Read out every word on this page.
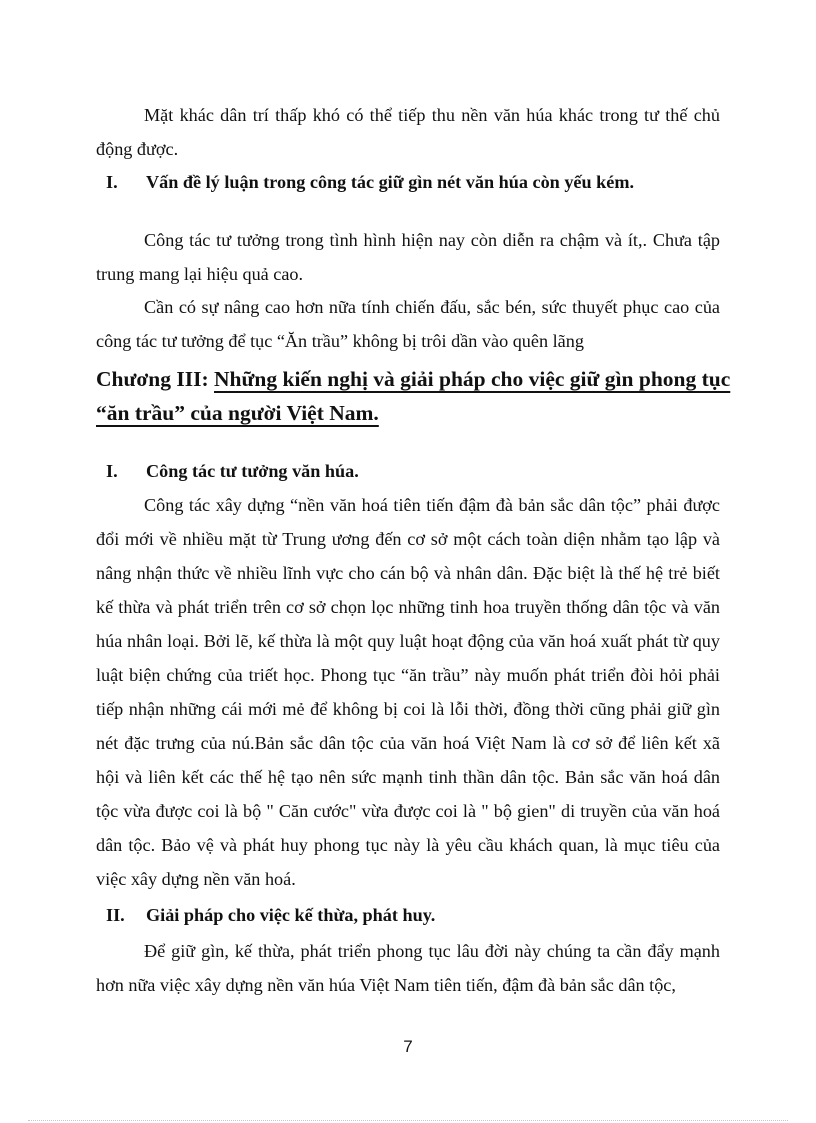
Mặt khác dân trí thấp khó có thể tiếp thu nền văn húa khác trong tư thế chủ động được.

I. Vấn đề lý luận trong công tác giữ gìn nét văn húa còn yếu kém.

Công tác tư tưởng trong tình hình hiện nay còn diễn ra chậm và ít,. Chưa tập trung mang lại hiệu quả cao.

Cần có sự nâng cao hơn nữa tính chiến đấu, sắc bén, sức thuyết phục cao của công tác tư tưởng để tục “Ăn trầu” không bị trôi dần vào quên lãng

Chương III: Những kiến nghị và giải pháp cho việc giữ gìn phong tục “ăn trầu” của người Việt Nam.

I. Công tác tư tưởng văn húa.

Công tác xây dựng “nền văn hoá tiên tiến đậm đà bản sắc dân tộc” phải được đổi mới về nhiều mặt từ Trung ương đến cơ sở một cách toàn diện nhằm tạo lập và nâng nhận thức về nhiều lĩnh vực cho cán bộ và nhân dân. Đặc biệt là thế hệ trẻ biết kế thừa và phát triển trên cơ sở chọn lọc những tinh hoa truyền thống dân tộc và văn húa nhân loại. Bởi lẽ, kế thừa là một quy luật hoạt động của văn hoá xuất phát từ quy luật biện chứng của triết học. Phong tục “ăn trầu” này muốn phát triển đòi hỏi phải tiếp nhận những cái mới mẻ để không bị coi là lỗi thời, đồng thời cũng phải giữ gìn nét đặc trưng của nú.Bản sắc dân tộc của văn hoá Việt Nam là cơ sở để liên kết xã hội và liên kết các thế hệ tạo nên sức mạnh tinh thần dân tộc. Bản sắc văn hoá dân tộc vừa được coi là bộ " Căn cước" vừa được coi là " bộ gien" di truyền của văn hoá dân tộc. Bảo vệ và phát huy phong tục này là yêu cầu khách quan, là mục tiêu của việc xây dựng nền văn hoá.

II. Giải pháp cho việc kế thừa, phát huy.

Để giữ gìn, kế thừa, phát triển phong tục lâu đời này chúng ta cần đẩy mạnh hơn nữa việc xây dựng nền văn húa Việt Nam tiên tiến, đậm đà bản sắc dân tộc,

7
